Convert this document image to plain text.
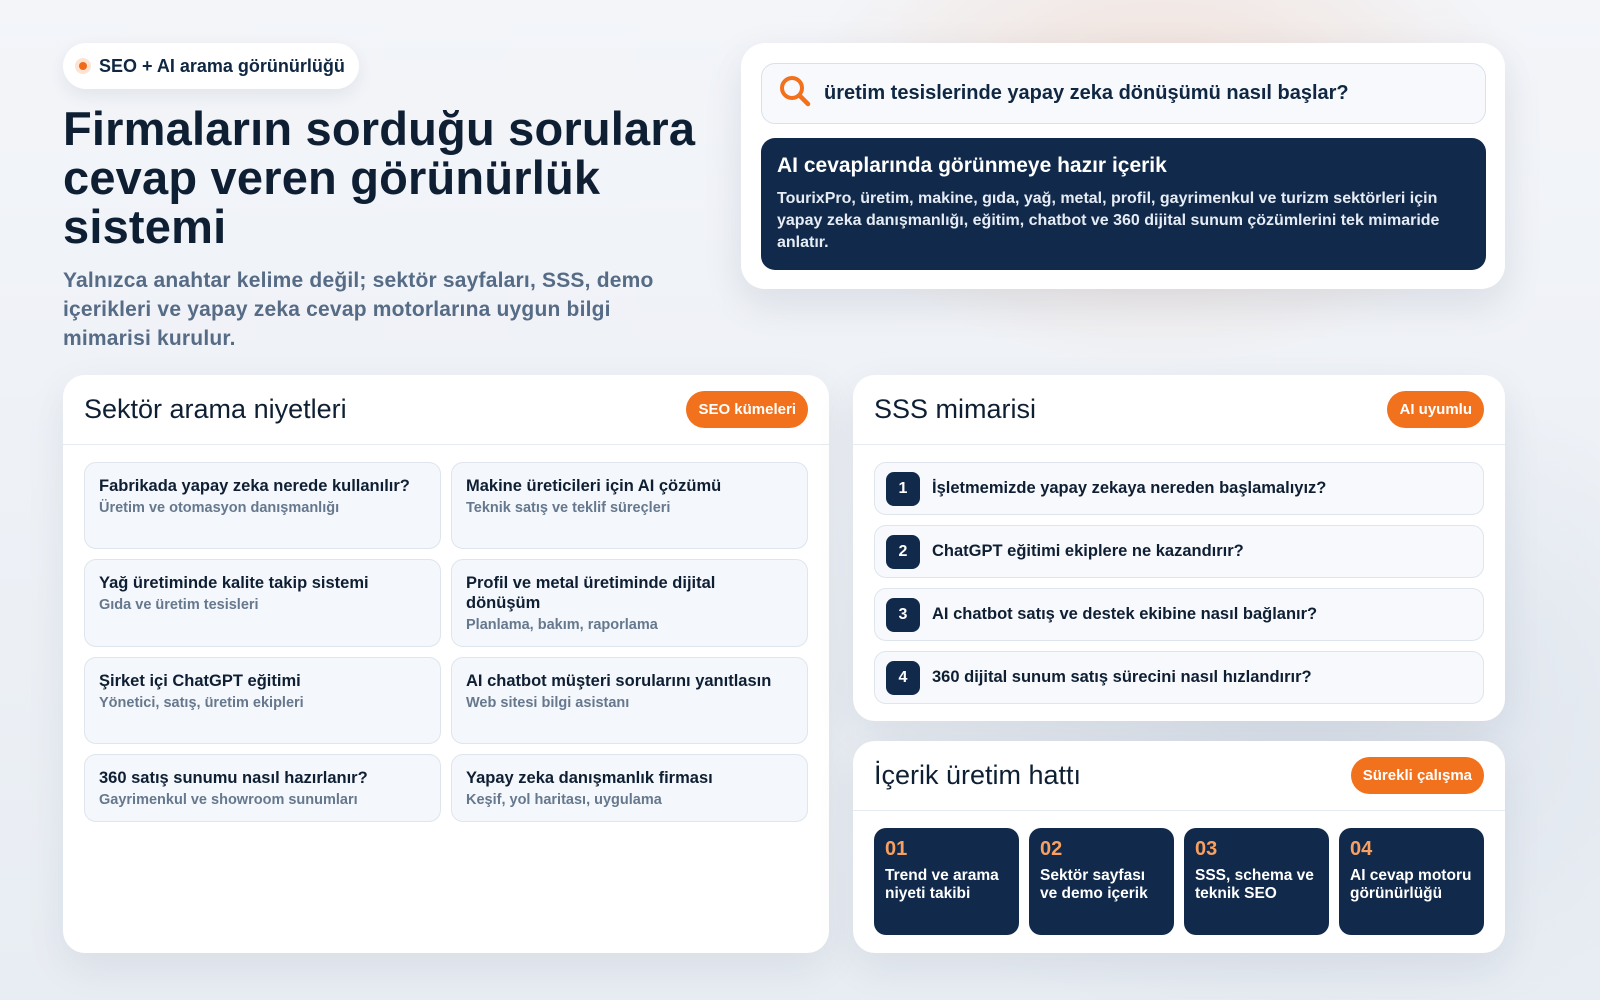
SEO + AI arama görünürlüğü
Firmaların sorduğu sorulara cevap veren görünürlük sistemi

Yalnızca anahtar kelime değil; sektör sayfaları, SSS, demo içerikleri ve yapay zeka cevap motorlarına uygun bilgi mimarisi kurulur.

üretim tesislerinde yapay zeka dönüşümü nasıl başlar?
AI cevaplarında görünmeye hazır içerik

TourixPro, üretim, makine, gıda, yağ, metal, profil, gayrimenkul ve turizm sektörleri için yapay zeka danışmanlığı, eğitim, chatbot ve 360 dijital sunum çözümlerini tek mimaride anlatır.

Sektör arama niyetleri	SEO kümeleri
Fabrikada yapay zeka nerede kullanılır?
Üretim ve otomasyon danışmanlığı
Makine üreticileri için AI çözümü
Teknik satış ve teklif süreçleri
Yağ üretiminde kalite takip sistemi
Gıda ve üretim tesisleri
Profil ve metal üretiminde dijital dönüşüm
Planlama, bakım, raporlama
Şirket içi ChatGPT eğitimi
Yönetici, satış, üretim ekipleri
AI chatbot müşteri sorularını yanıtlasın
Web sitesi bilgi asistanı
360 satış sunumu nasıl hazırlanır?
Gayrimenkul ve showroom sunumları
Yapay zeka danışmanlık firması
Keşif, yol haritası, uygulama
SSS mimarisi	AI uyumlu
1	İşletmemizde yapay zekaya nereden başlamalıyız?
2	ChatGPT eğitimi ekiplere ne kazandırır?
3	AI chatbot satış ve destek ekibine nasıl bağlanır?
4	360 dijital sunum satış sürecini nasıl hızlandırır?
İçerik üretim hattı	Sürekli çalışma
01
Trend ve arama niyeti takibi
02
Sektör sayfası ve demo içerik
03
SSS, schema ve teknik SEO
04
AI cevap motoru görünürlüğü
